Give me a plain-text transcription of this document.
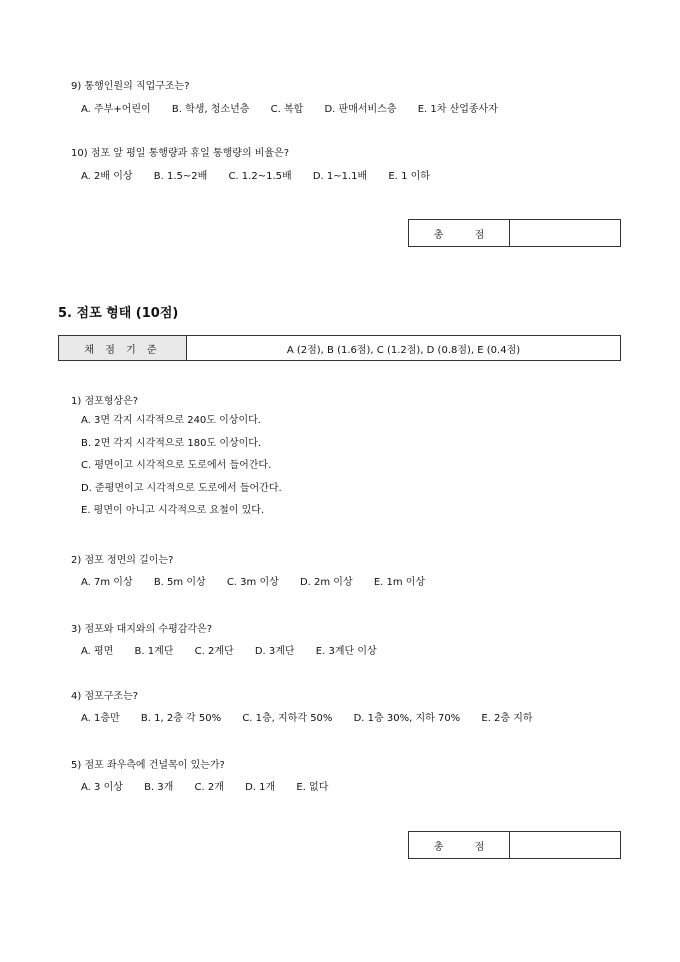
9) 통행인원의 직업구조는?
A. 주부+어린이 B. 학생, 청소년층 C. 복합 D. 판매서비스층 E. 1차 산업종사자
10) 점포 앞 평일 통행량과 휴일 통행량의 비율은?
A. 2배 이상 B. 1.5~2배 C. 1.2~1.5배 D. 1~1.1배 E. 1 이하
총 점
5. 점포 형태 (10점)
채 점 기 준	A (2점), B (1.6점), C (1.2점), D (0.8점), E (0.4점)
1) 점포형상은?
A. 3면 각지 시각적으로 240도 이상이다.
B. 2면 각지 시각적으로 180도 이상이다.
C. 평면이고 시각적으로 도로에서 들어간다.
D. 준평면이고 시각적으로 도로에서 들어간다.
E. 평면이 아니고 시각적으로 요철이 있다.
2) 점포 정면의 길이는?
A. 7m 이상 B. 5m 이상 C. 3m 이상 D. 2m 이상 E. 1m 이상
3) 점포와 대지와의 수평감각은?
A. 평면 B. 1계단 C. 2계단 D. 3계단 E. 3계단 이상
4) 점포구조는?
A. 1층만 B. 1, 2층 각 50% C. 1층, 지하각 50% D. 1층 30%, 지하 70% E. 2층 지하
5) 점포 좌우측에 건널목이 있는가?
A. 3 이상 B. 3개 C. 2개 D. 1개 E. 없다
총 점
